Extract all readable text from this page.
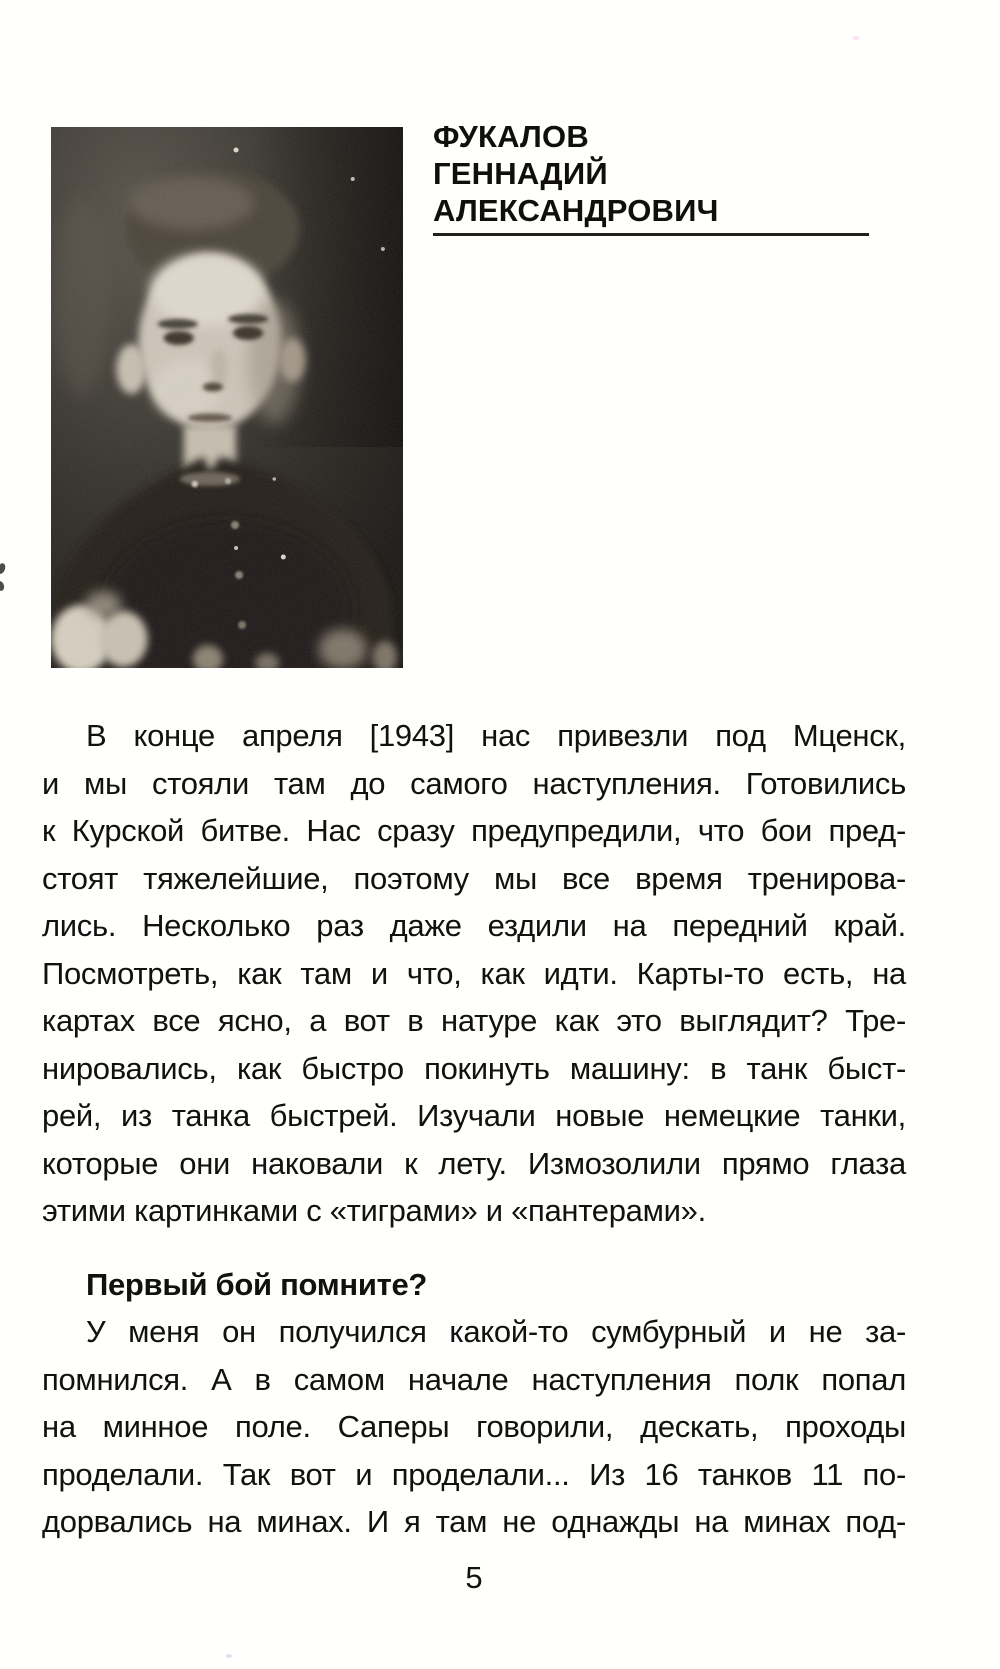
ФУКАЛОВ
ГЕННАДИЙ
АЛЕКСАНДРОВИЧ
В конце апреля [1943] нас привезли под Мценск,
и мы стояли там до самого наступления. Готовились
к Курской битве. Нас сразу предупредили, что бои пред-
стоят тяжелейшие, поэтому мы все время тренирова-
лись. Несколько раз даже ездили на передний край.
Посмотреть, как там и что, как идти. Карты-то есть, на
картах все ясно, а вот в натуре как это выглядит? Тре-
нировались, как быстро покинуть машину: в танк быст-
рей, из танка быстрей. Изучали новые немецкие танки,
которые они наковали к лету. Измозолили прямо глаза
этими картинками с «тиграми» и «пантерами».
Первый бой помните?
У меня он получился какой-то сумбурный и не за-
помнился. А в самом начале наступления полк попал
на минное поле. Саперы говорили, дескать, проходы
проделали. Так вот и проделали... Из 16 танков 11 по-
дорвались на минах. И я там не однажды на минах под-
5
